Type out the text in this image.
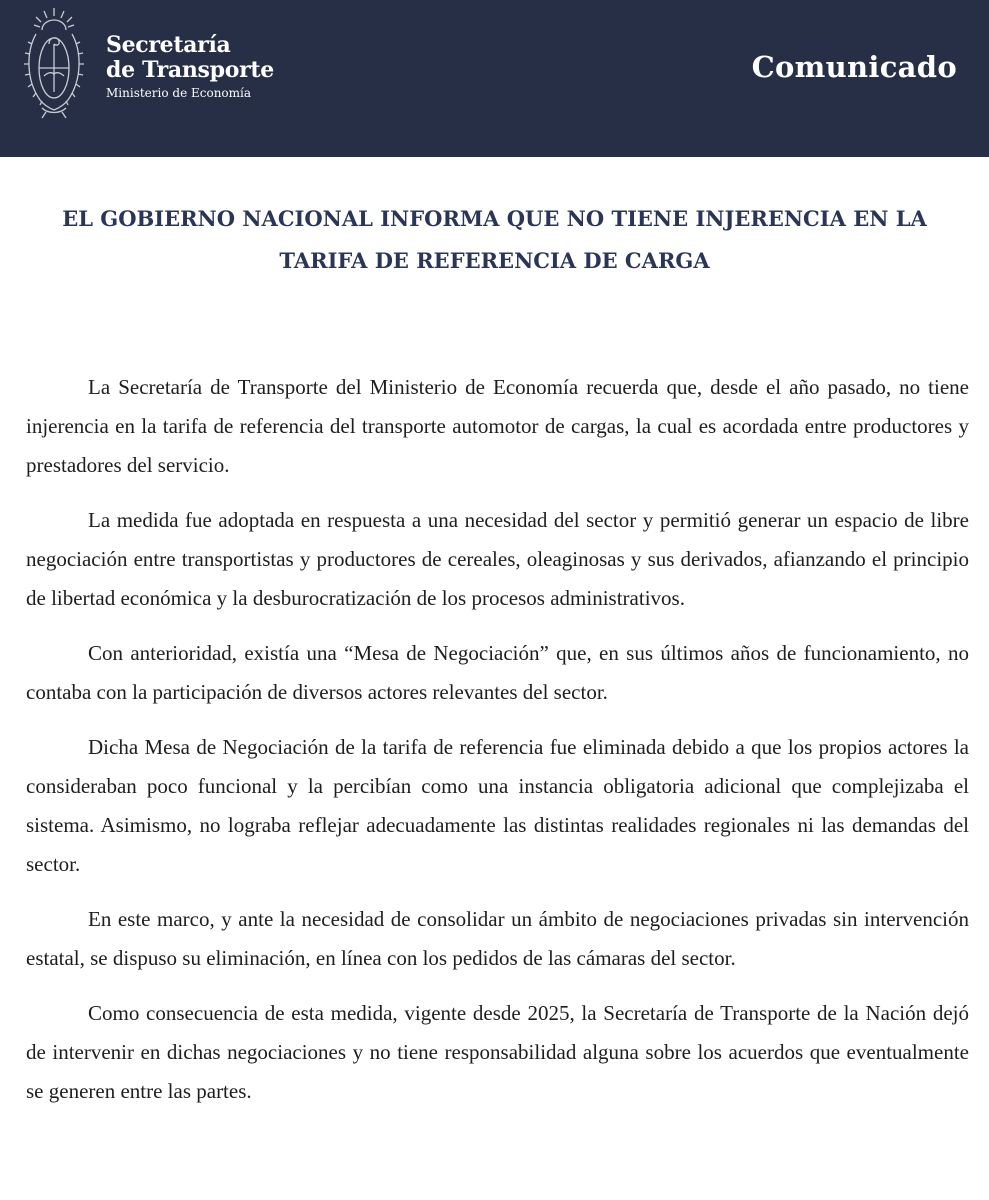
Secretaría
de Transporte
Ministerio de Economía
Comunicado
EL GOBIERNO NACIONAL INFORMA QUE NO TIENE INJERENCIA EN LA
TARIFA DE REFERENCIA DE CARGA

La Secretaría de Transporte del Ministerio de Economía recuerda que, desde el año pasado, no tiene injerencia en la tarifa de referencia del transporte automotor de cargas, la cual es acordada entre productores y prestadores del servicio.

La medida fue adoptada en respuesta a una necesidad del sector y permitió generar un espacio de libre negociación entre transportistas y productores de cereales, oleaginosas y sus derivados, afianzando el principio de libertad económica y la desburocratización de los procesos administrativos.

Con anterioridad, existía una “Mesa de Negociación” que, en sus últimos años de funcionamiento, no contaba con la participación de diversos actores relevantes del sector.

Dicha Mesa de Negociación de la tarifa de referencia fue eliminada debido a que los propios actores la consideraban poco funcional y la percibían como una instancia obligatoria adicional que complejizaba el sistema. Asimismo, no lograba reflejar adecuadamente las distintas realidades regionales ni las demandas del sector.

En este marco, y ante la necesidad de consolidar un ámbito de negociaciones privadas sin intervención estatal, se dispuso su eliminación, en línea con los pedidos de las cámaras del sector.

Como consecuencia de esta medida, vigente desde 2025, la Secretaría de Transporte de la Nación dejó de intervenir en dichas negociaciones y no tiene responsabilidad alguna sobre los acuerdos que eventualmente se generen entre las partes.
